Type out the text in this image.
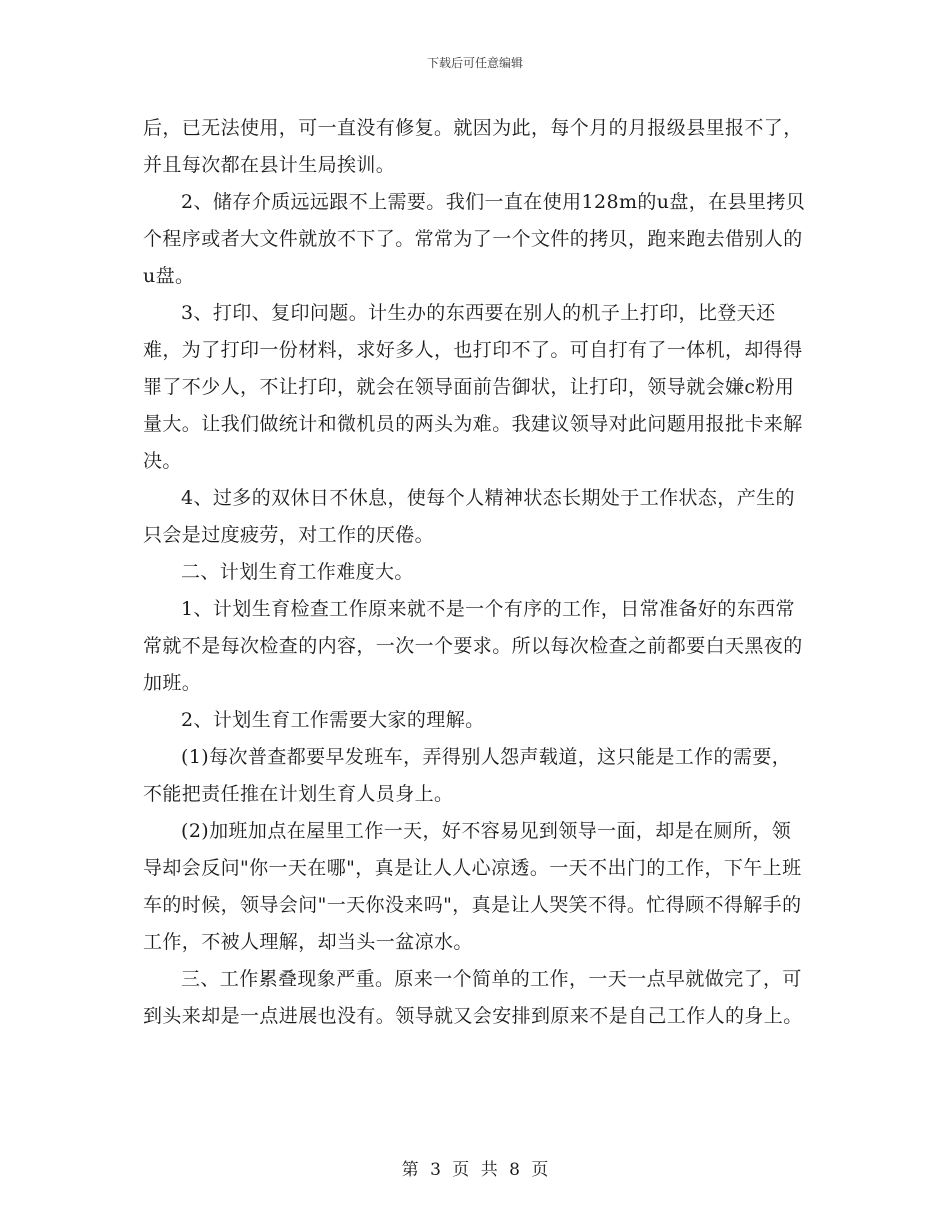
下载后可任意编辑

后，已无法使用，可一直没有修复。就因为此，每个月的月报级县里报不了，并且每次都在县计生局挨训。

2、储存介质远远跟不上需要。我们一直在使用128m的u盘，在县里拷贝个程序或者大文件就放不下了。常常为了一个文件的拷贝，跑来跑去借别人的u盘。

3、打印、复印问题。计生办的东西要在别人的机子上打印，比登天还难，为了打印一份材料，求好多人，也打印不了。可自打有了一体机，却得得罪了不少人，不让打印，就会在领导面前告御状，让打印，领导就会嫌c粉用量大。让我们做统计和微机员的两头为难。我建议领导对此问题用报批卡来解决。

4、过多的双休日不休息，使每个人精神状态长期处于工作状态，产生的只会是过度疲劳，对工作的厌倦。

二、计划生育工作难度大。

1、计划生育检查工作原来就不是一个有序的工作，日常准备好的东西常常就不是每次检查的内容，一次一个要求。所以每次检查之前都要白天黑夜的加班。

2、计划生育工作需要大家的理解。

(1)每次普查都要早发班车，弄得别人怨声载道，这只能是工作的需要，不能把责任推在计划生育人员身上。

(2)加班加点在屋里工作一天，好不容易见到领导一面，却是在厕所，领导却会反问"你一天在哪"，真是让人人心凉透。一天不出门的工作，下午上班车的时候，领导会问"一天你没来吗"，真是让人哭笑不得。忙得顾不得解手的工作，不被人理解，却当头一盆凉水。

三、工作累叠现象严重。原来一个简单的工作，一天一点早就做完了，可到头来却是一点进展也没有。领导就又会安排到原来不是自己工作人的身上。

第 3 页 共 8 页
